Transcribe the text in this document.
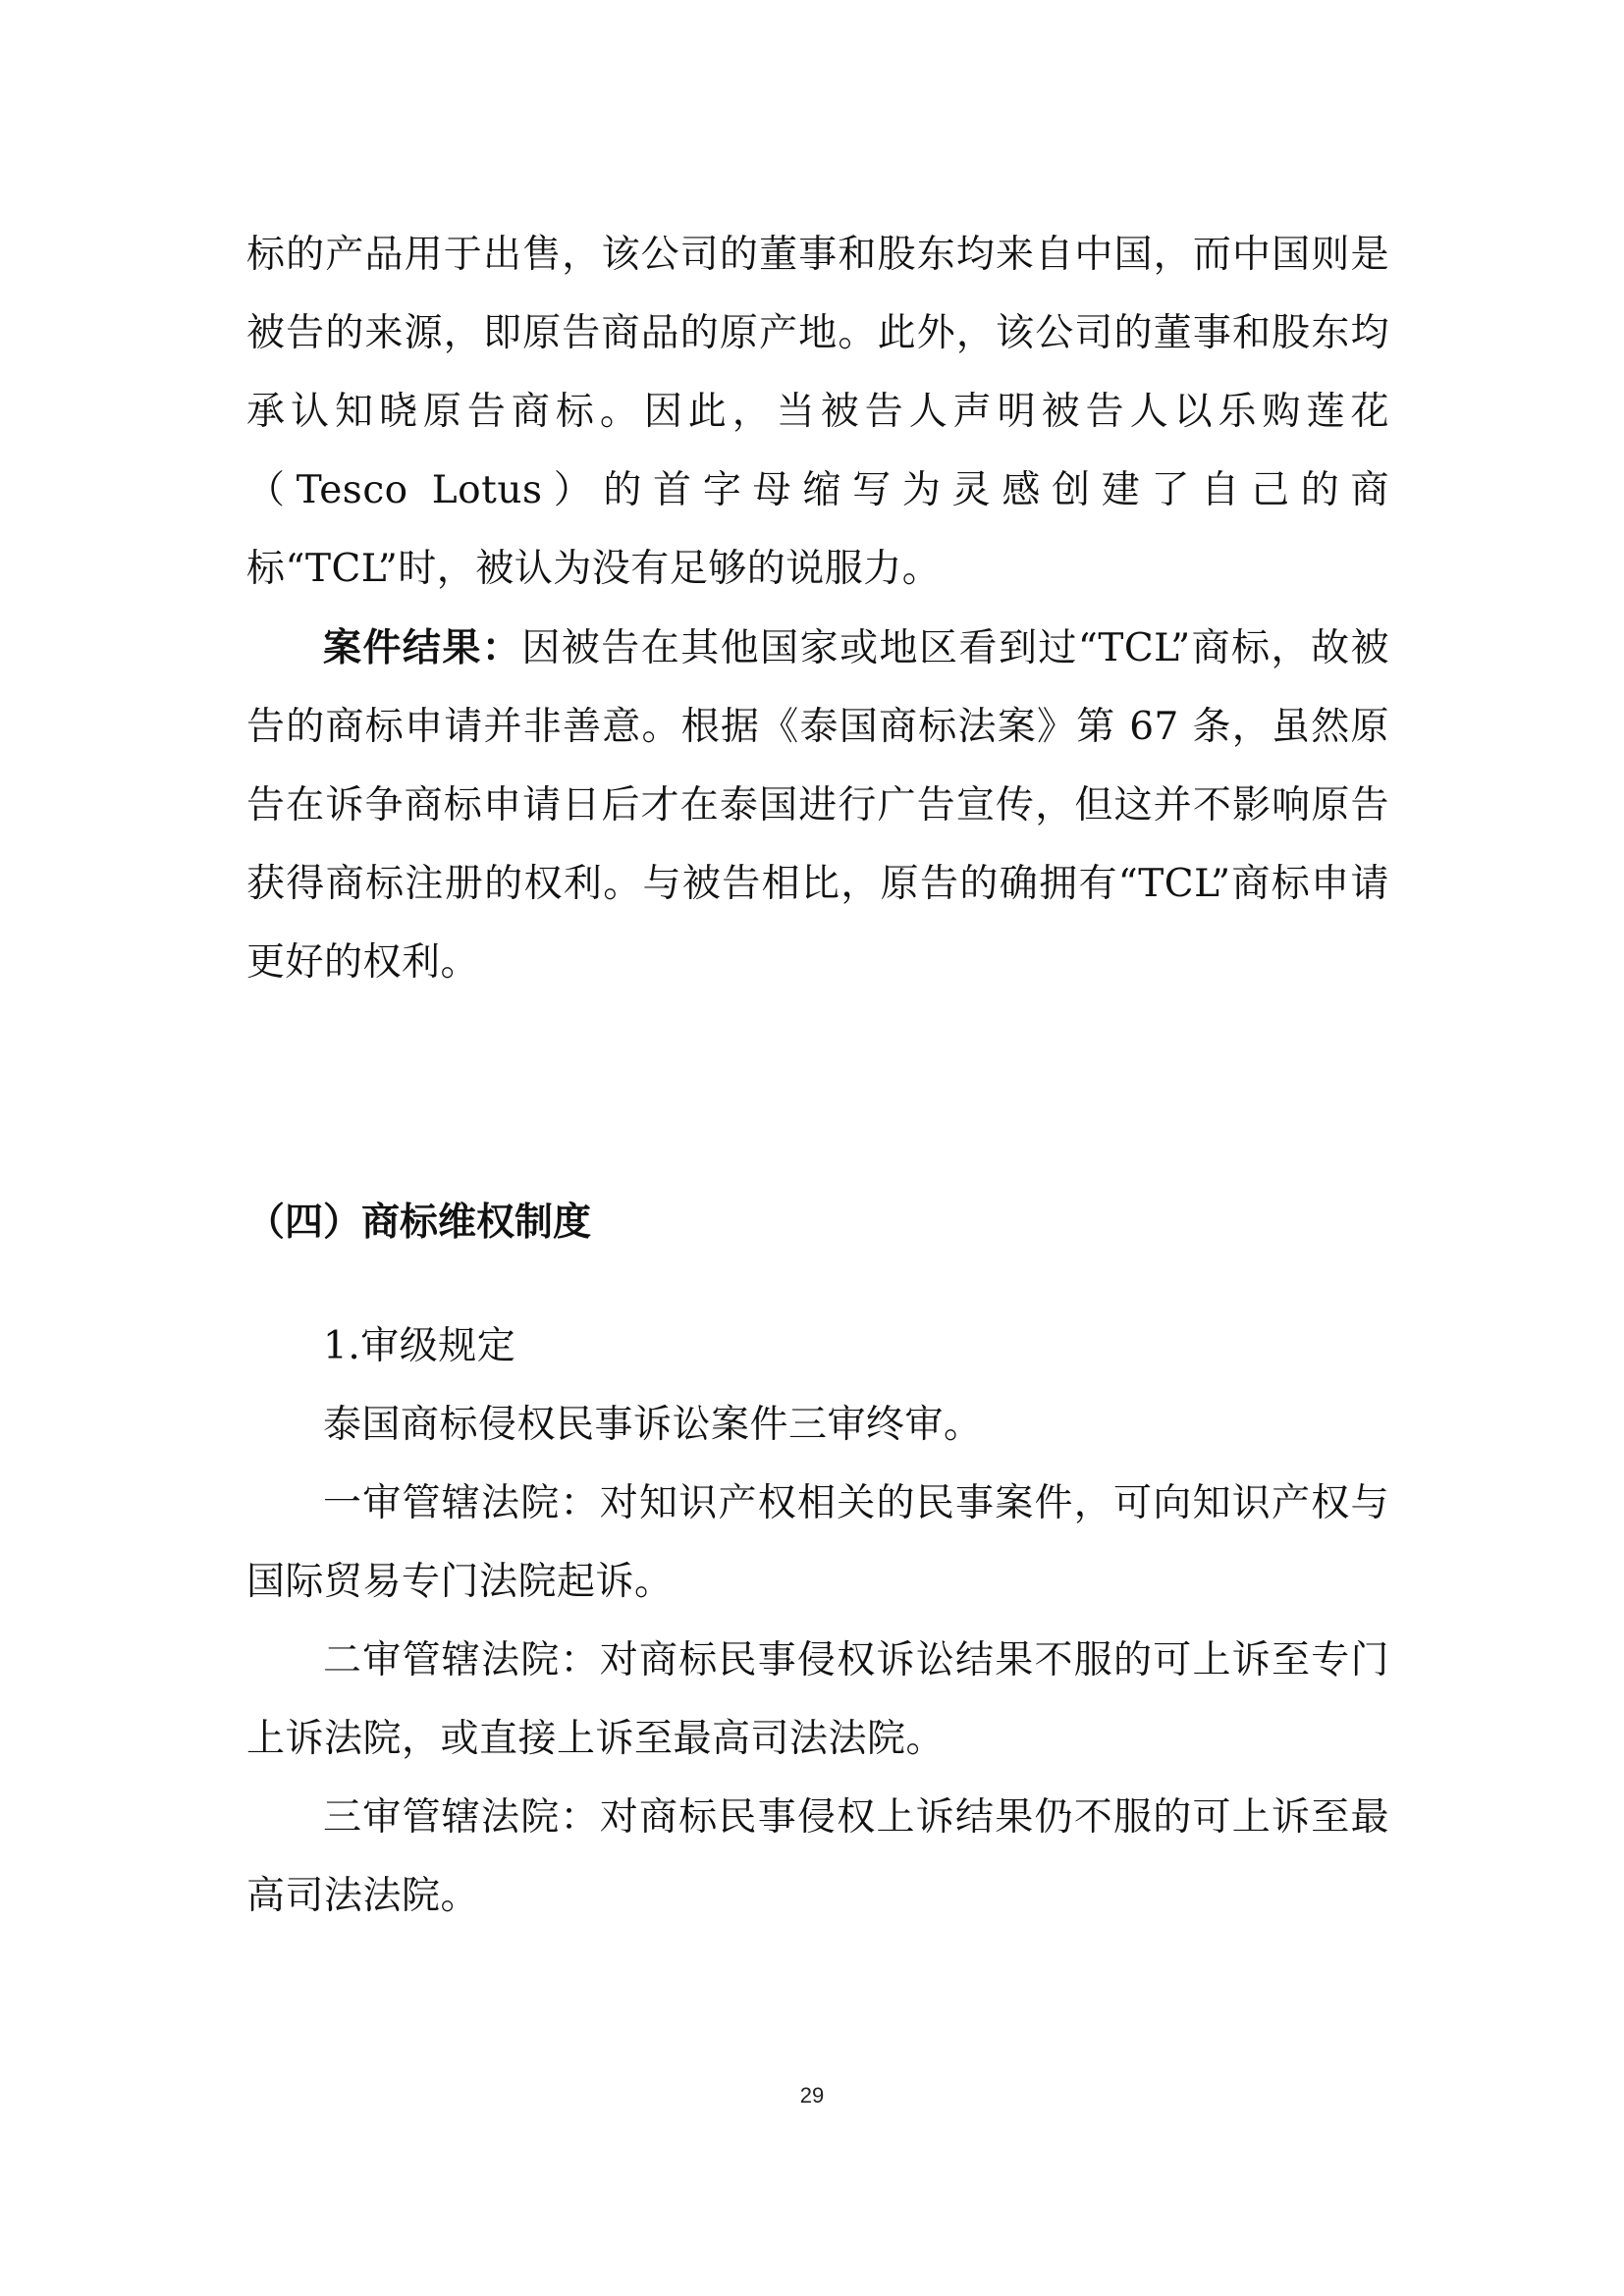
标的产品用于出售，该公司的董事和股东均来自中国，而中国则是被告的来源，即原告商品的原产地。此外，该公司的董事和股东均承认知晓原告商标。因此，当被告人声明被告人以乐购莲花（Tesco Lotus）的首字母缩写为灵感创建了自己的商标“TCL”时，被认为没有足够的说服力。

案件结果：因被告在其他国家或地区看到过“TCL”商标，故被告的商标申请并非善意。根据《泰国商标法案》第 67 条，虽然原告在诉争商标申请日后才在泰国进行广告宣传，但这并不影响原告获得商标注册的权利。与被告相比，原告的确拥有“TCL”商标申请更好的权利。

（四）商标维权制度

1.审级规定

泰国商标侵权民事诉讼案件三审终审。

一审管辖法院：对知识产权相关的民事案件，可向知识产权与国际贸易专门法院起诉。

二审管辖法院：对商标民事侵权诉讼结果不服的可上诉至专门上诉法院，或直接上诉至最高司法法院。

三审管辖法院：对商标民事侵权上诉结果仍不服的可上诉至最高司法法院。

29
